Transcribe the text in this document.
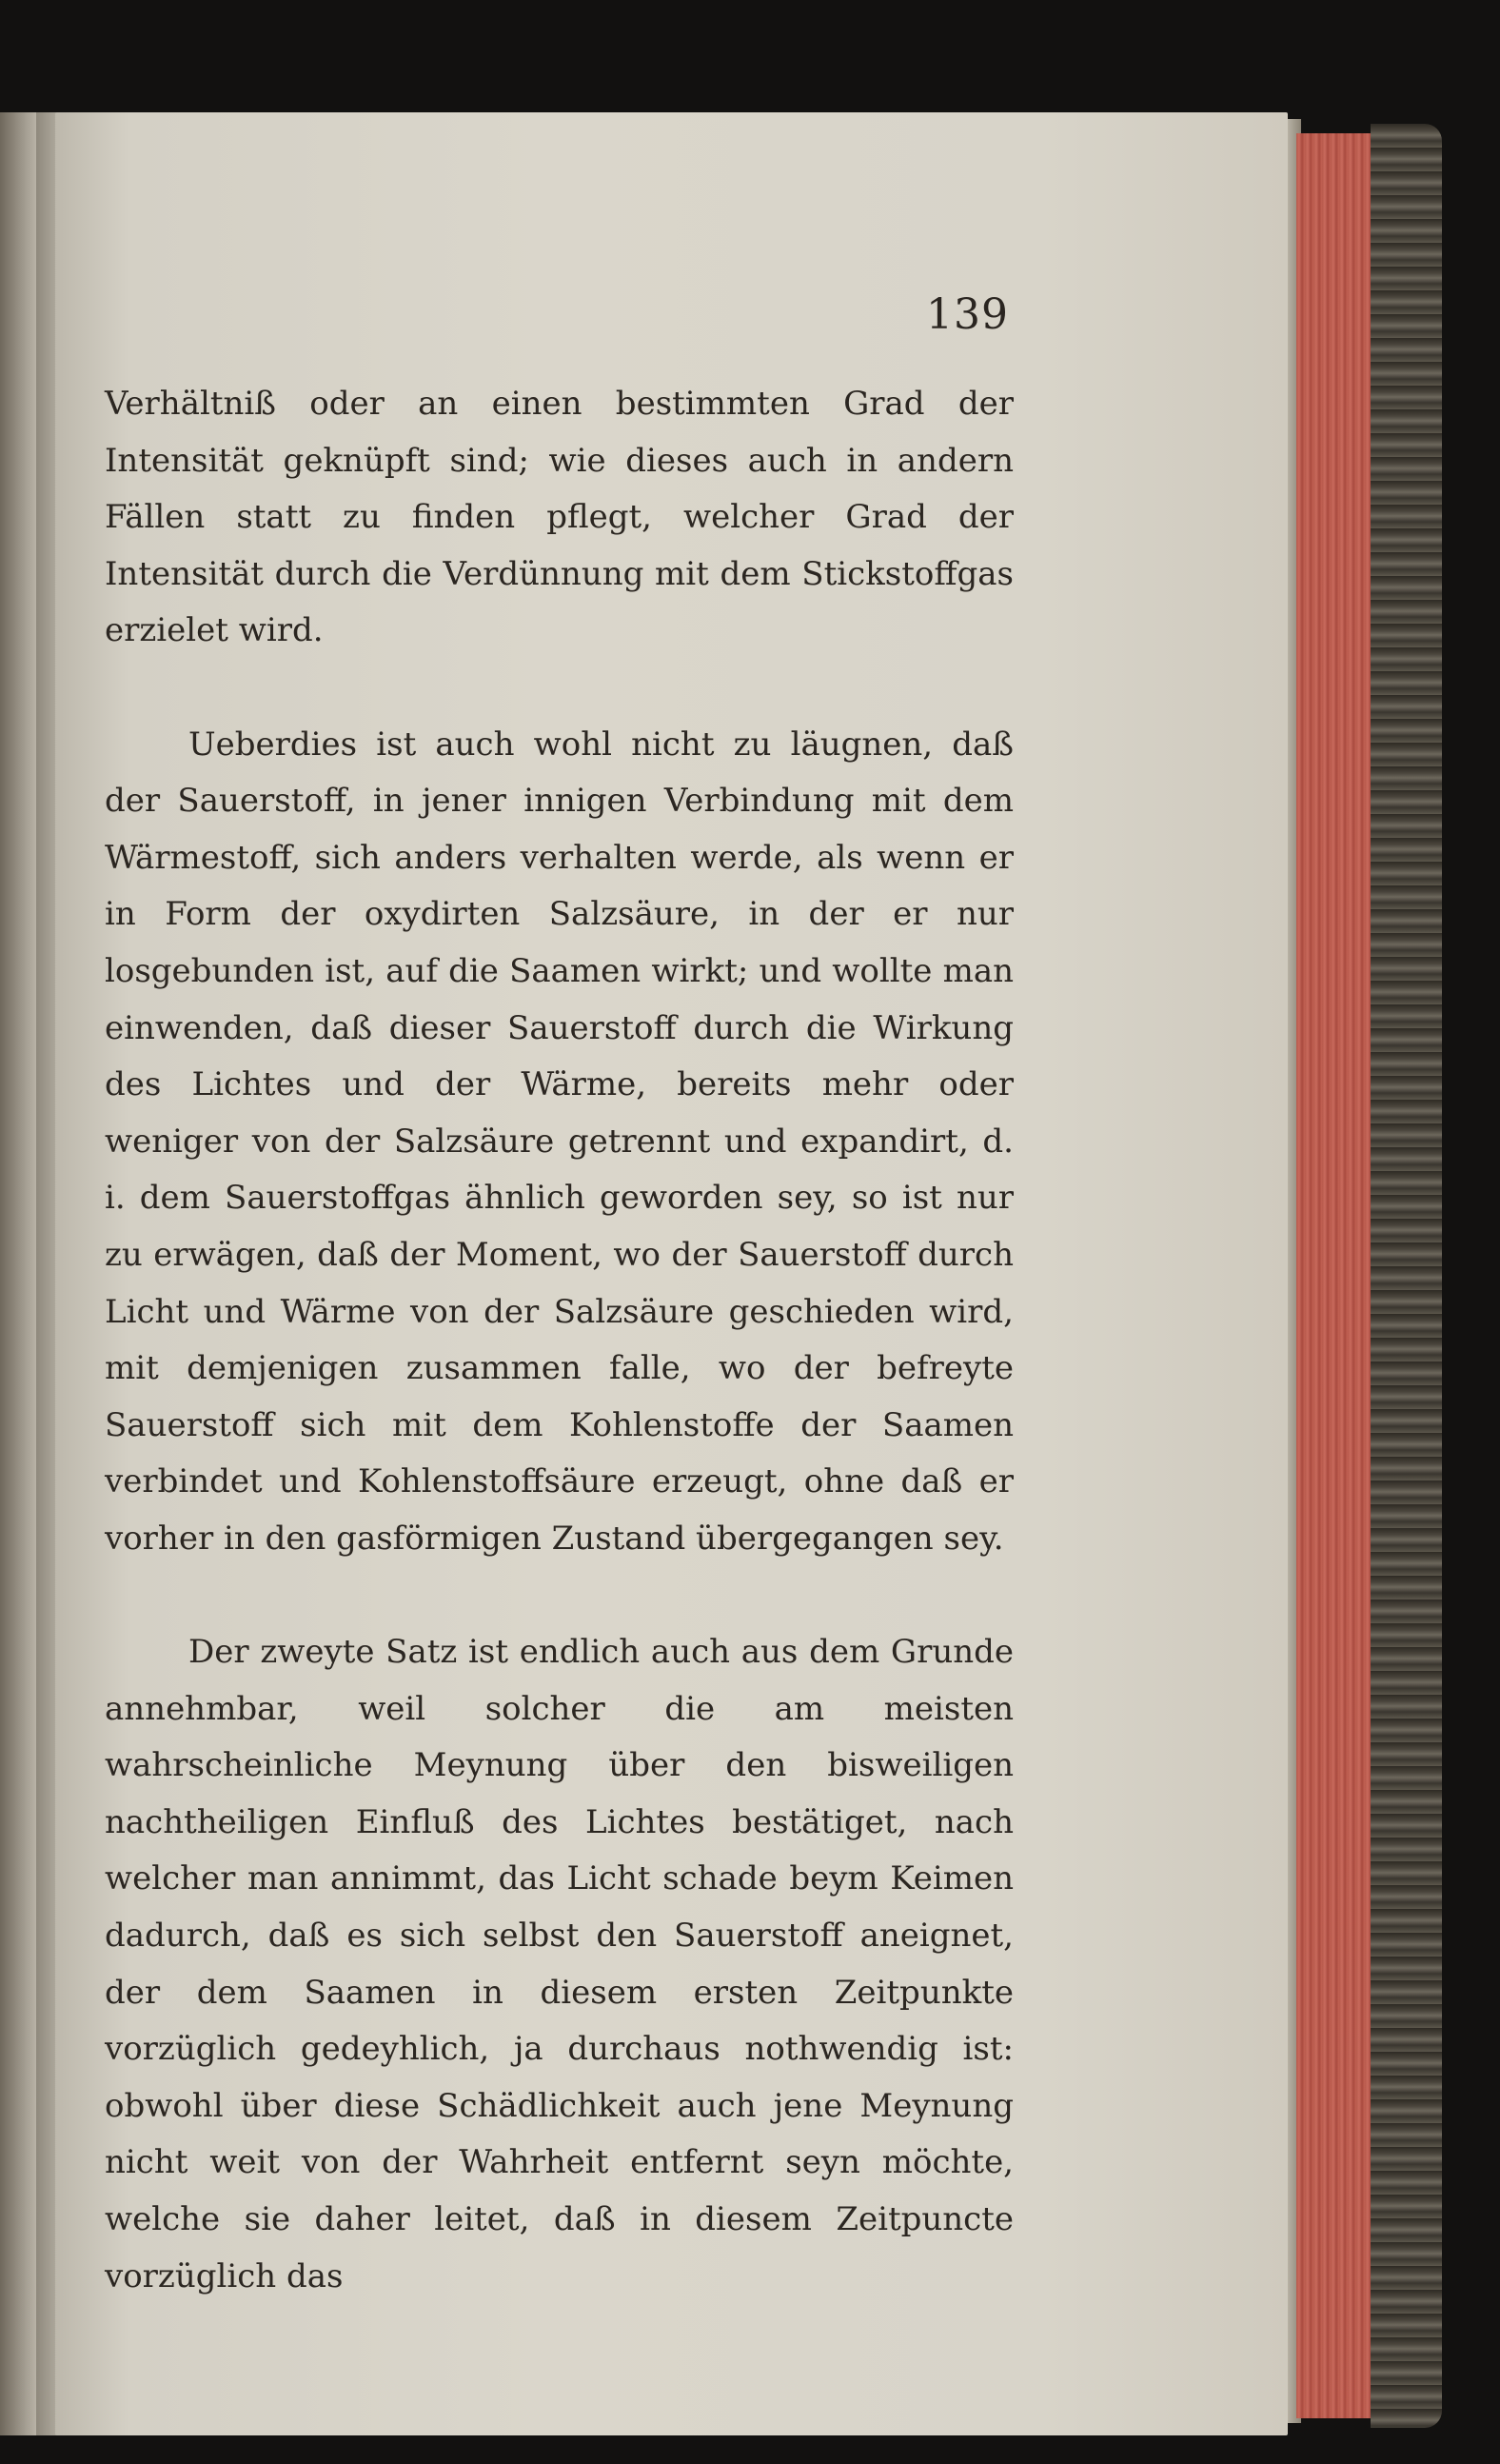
139

Verhältniß oder an einen bestimmten Grad der Intensität geknüpft sind; wie dieses auch in andern Fällen statt zu finden pflegt, welcher Grad der Intensität durch die Verdünnung mit dem Stickstoffgas erzielet wird.

Ueberdies ist auch wohl nicht zu läugnen, daß der Sauerstoff, in jener innigen Verbindung mit dem Wärmestoff, sich anders verhalten werde, als wenn er in Form der oxydirten Salzsäure, in der er nur losgebunden ist, auf die Saamen wirkt; und wollte man einwenden, daß dieser Sauerstoff durch die Wirkung des Lichtes und der Wärme, bereits mehr oder weniger von der Salzsäure getrennt und expandirt, d. i. dem Sauerstoffgas ähnlich geworden sey, so ist nur zu erwägen, daß der Moment, wo der Sauerstoff durch Licht und Wärme von der Salzsäure geschieden wird, mit demjenigen zusammen falle, wo der befreyte Sauerstoff sich mit dem Kohlenstoffe der Saamen verbindet und Kohlenstoffsäure erzeugt, ohne daß er vorher in den gasförmigen Zustand übergegangen sey.

Der zweyte Satz ist endlich auch aus dem Grunde annehmbar, weil solcher die am meisten wahrscheinliche Meynung über den bisweiligen nachtheiligen Einfluß des Lichtes bestätiget, nach welcher man annimmt, das Licht schade beym Keimen dadurch, daß es sich selbst den Sauerstoff aneignet, der dem Saamen in diesem ersten Zeitpunkte vorzüglich gedeyhlich, ja durchaus nothwendig ist: obwohl über diese Schädlichkeit auch jene Meynung nicht weit von der Wahrheit entfernt seyn möchte, welche sie daher leitet, daß in diesem Zeitpuncte vorzüglich das
